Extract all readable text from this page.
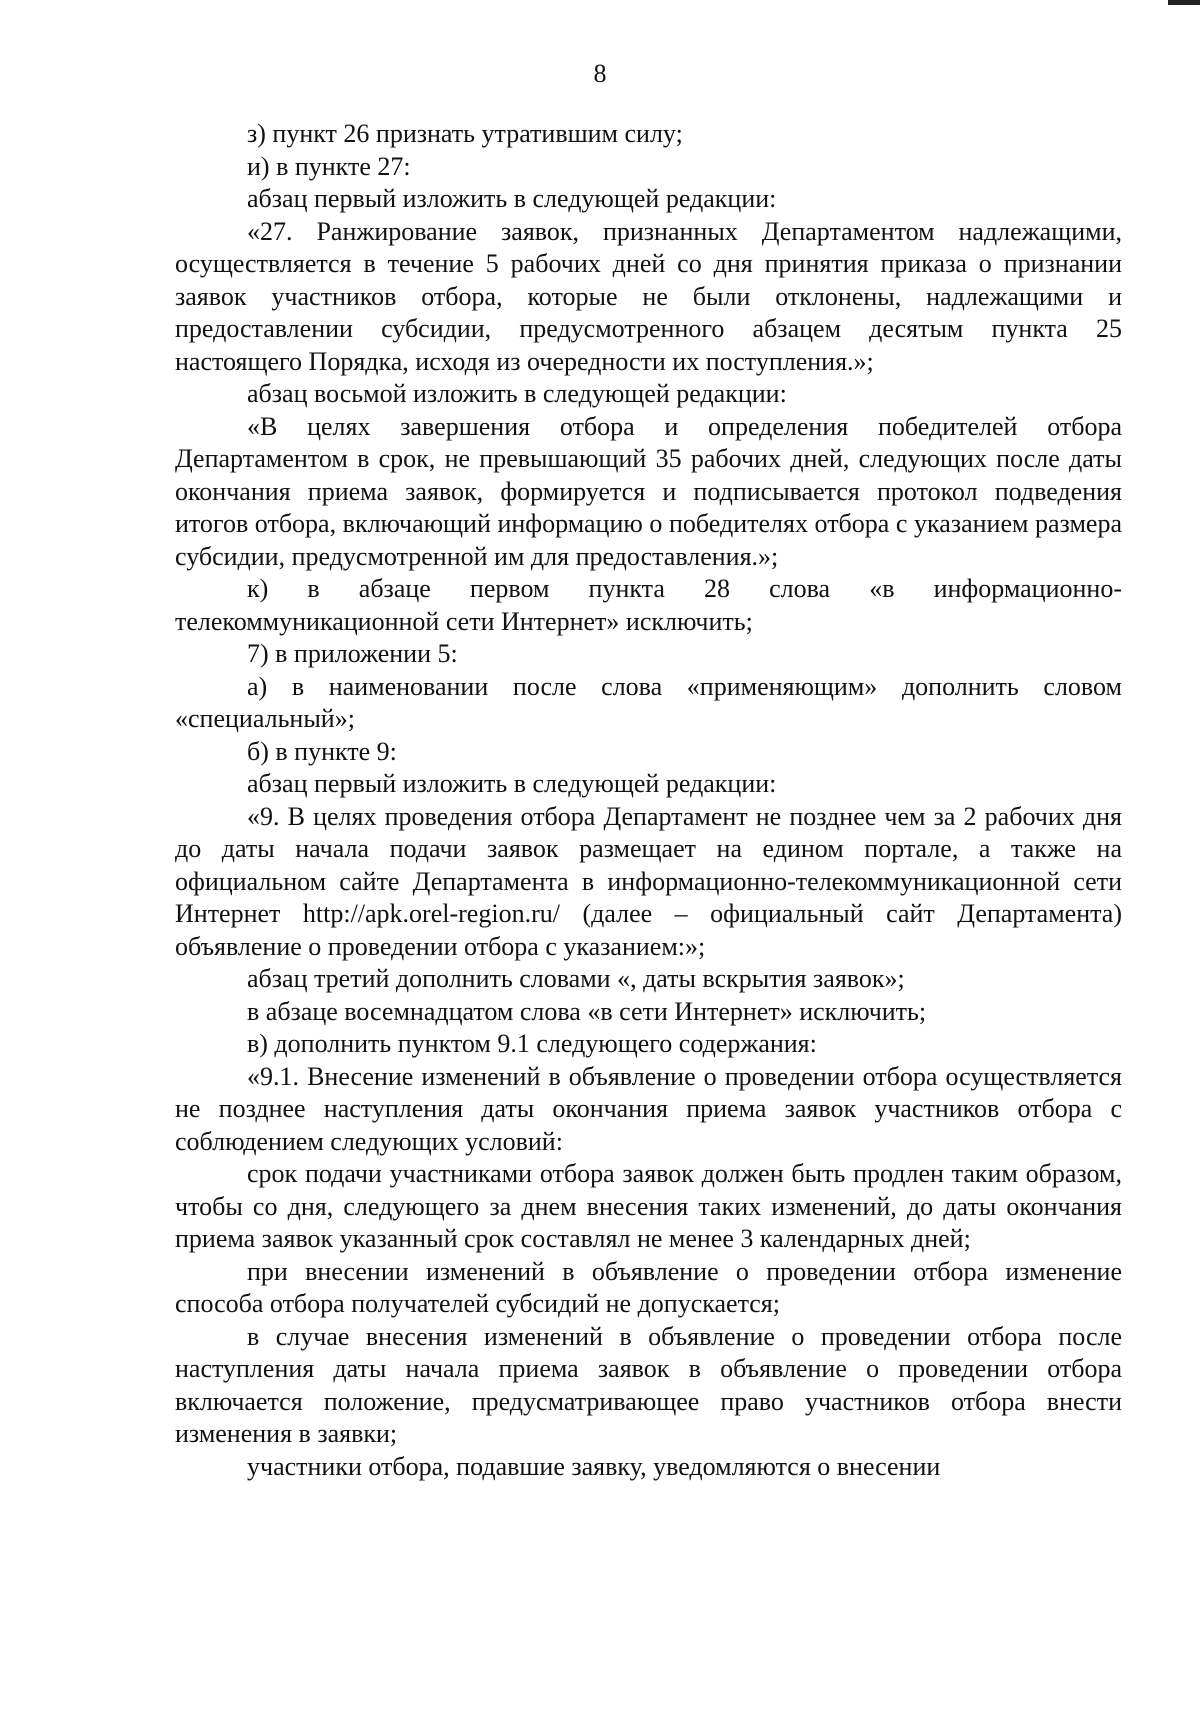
8

з) пункт 26 признать утратившим силу;

и) в пункте 27:

абзац первый изложить в следующей редакции:

«27. Ранжирование заявок, признанных Департаментом надлежащими, осуществляется в течение 5 рабочих дней со дня принятия приказа о признании заявок участников отбора, которые не были отклонены, надлежащими и предоставлении субсидии, предусмотренного абзацем десятым пункта 25 настоящего Порядка, исходя из очередности их поступления.»;

абзац восьмой изложить в следующей редакции:

«В целях завершения отбора и определения победителей отбора Департаментом в срок, не превышающий 35 рабочих дней, следующих после даты окончания приема заявок, формируется и подписывается протокол подведения итогов отбора, включающий информацию о победителях отбора с указанием размера субсидии, предусмотренной им для предоставления.»;

к) в абзаце первом пункта 28 слова «в информационно-телекоммуникационной сети Интернет» исключить;

7) в приложении 5:

а) в наименовании после слова «применяющим» дополнить словом «специальный»;

б) в пункте 9:

абзац первый изложить в следующей редакции:

«9. В целях проведения отбора Департамент не позднее чем за 2 рабочих дня до даты начала подачи заявок размещает на едином портале, а также на официальном сайте Департамента в информационно-телекоммуникационной сети Интернет http://apk.orel-region.ru/ (далее – официальный сайт Департамента) объявление о проведении отбора с указанием:»;

абзац третий дополнить словами «, даты вскрытия заявок»;

в абзаце восемнадцатом слова «в сети Интернет» исключить;

в) дополнить пунктом 9.1 следующего содержания:

«9.1. Внесение изменений в объявление о проведении отбора осуществляется не позднее наступления даты окончания приема заявок участников отбора с соблюдением следующих условий:

срок подачи участниками отбора заявок должен быть продлен таким образом, чтобы со дня, следующего за днем внесения таких изменений, до даты окончания приема заявок указанный срок составлял не менее 3 календарных дней;

при внесении изменений в объявление о проведении отбора изменение способа отбора получателей субсидий не допускается;

в случае внесения изменений в объявление о проведении отбора после наступления даты начала приема заявок в объявление о проведении отбора включается положение, предусматривающее право участников отбора внести изменения в заявки;

участники отбора, подавшие заявку, уведомляются о внесении
